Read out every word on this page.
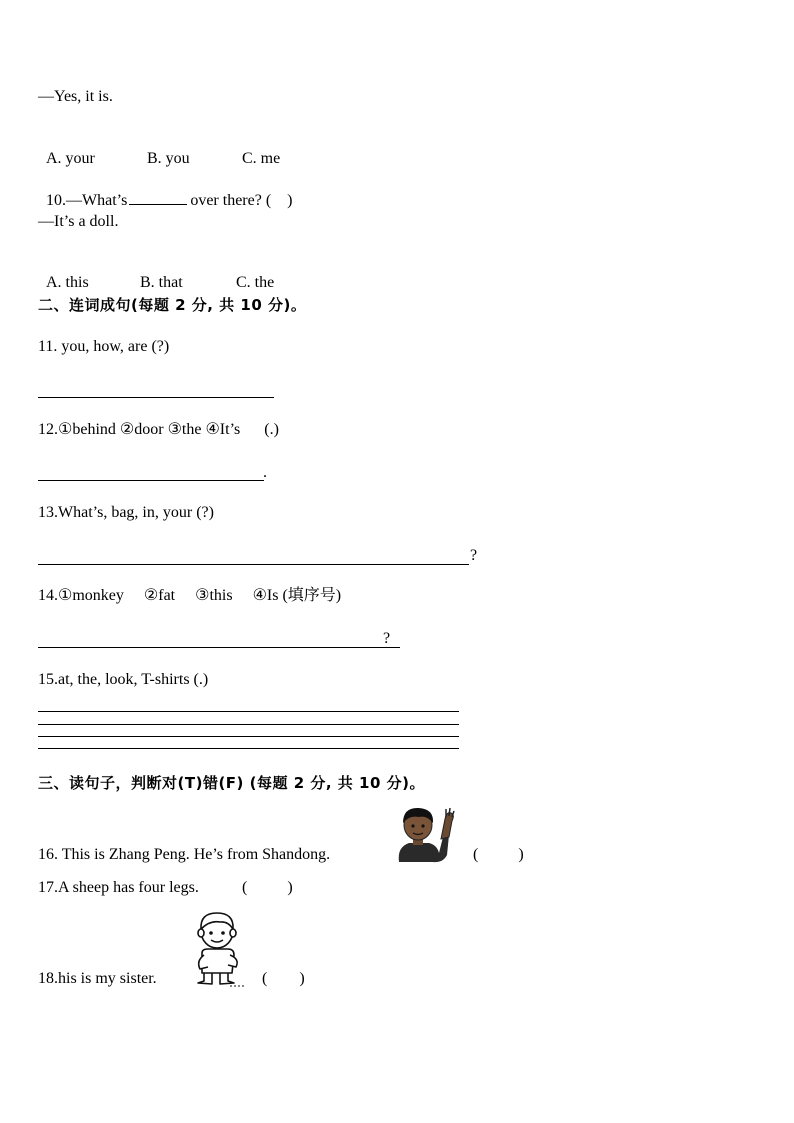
—Yes, it is.

A. your	B. you	C. me

10.—What’s	over there? (    )

—It’s a doll.

A. this	B. that	C. the

二、连词成句(每题 2 分, 共 10 分)。
11. you, how, are (?)
12.①behind ②door ③the ④It’s      (.)
.
13.What’s, bag, in, your (?)
?
14.①monkey     ②fat     ③this     ④Is (填序号)
?
15.at, the, look, T-shirts (.)
三、读句子，判断对(T)错(F) (每题 2 分, 共 10 分)。
16. This is Zhang Peng. He’s from Shandong.	(          )
17.A sheep has four legs.	(          )
18.his is my sister.	(        )
